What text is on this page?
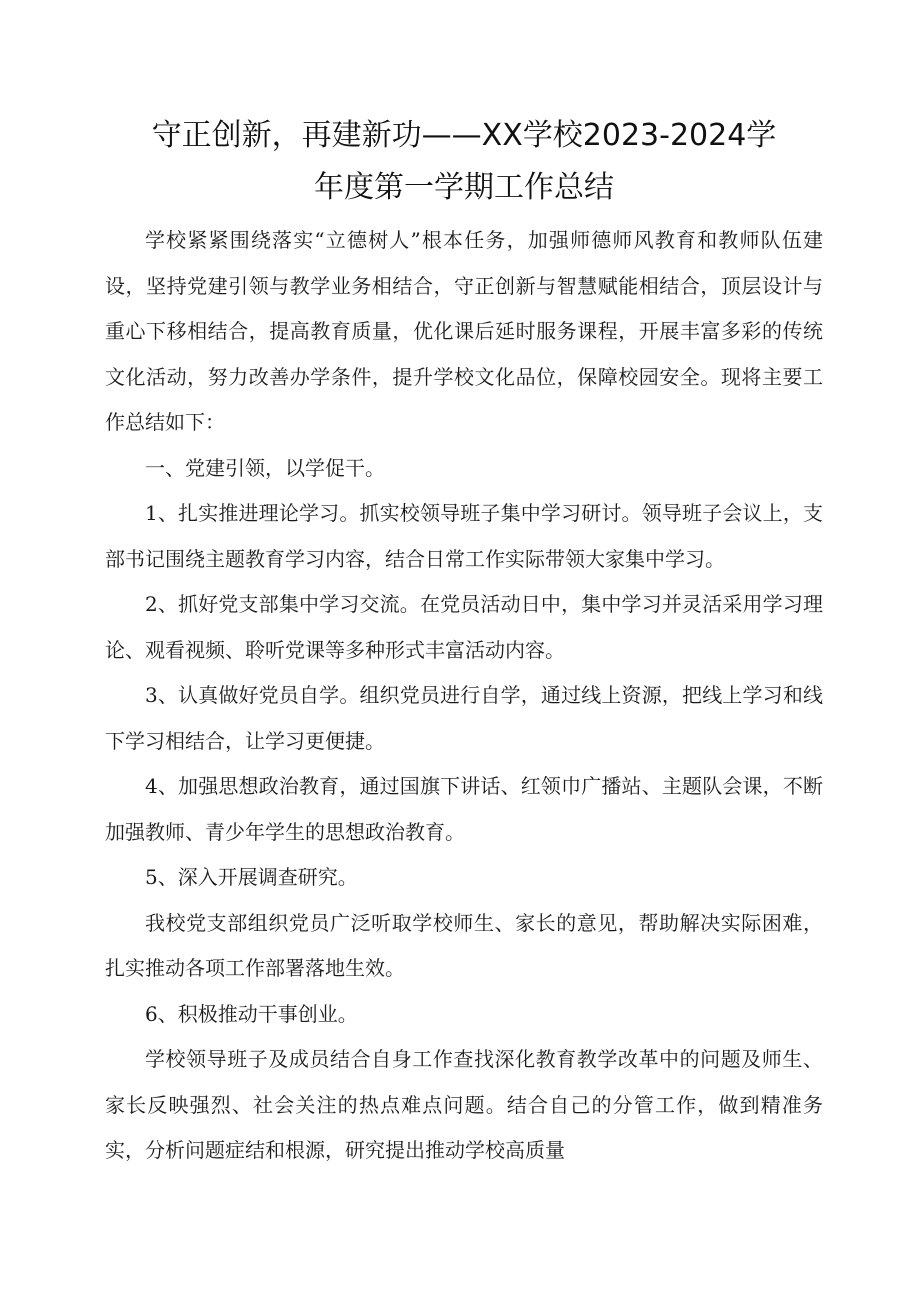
守正创新，再建新功——XX学校2023-2024学
年度第一学期工作总结

学校紧紧围绕落实“立德树人”根本任务，加强师德师风教育和教师队伍建设，坚持党建引领与教学业务相结合，守正创新与智慧赋能相结合，顶层设计与重心下移相结合，提高教育质量，优化课后延时服务课程，开展丰富多彩的传统文化活动，努力改善办学条件，提升学校文化品位，保障校园安全。现将主要工作总结如下：

一、党建引领，以学促干。

1、扎实推进理论学习。抓实校领导班子集中学习研讨。领导班子会议上，支部书记围绕主题教育学习内容，结合日常工作实际带领大家集中学习。

2、抓好党支部集中学习交流。在党员活动日中，集中学习并灵活采用学习理论、观看视频、聆听党课等多种形式丰富活动内容。

3、认真做好党员自学。组织党员进行自学，通过线上资源，把线上学习和线下学习相结合，让学习更便捷。

4、加强思想政治教育，通过国旗下讲话、红领巾广播站、主题队会课，不断加强教师、青少年学生的思想政治教育。

5、深入开展调查研究。

我校党支部组织党员广泛听取学校师生、家长的意见，帮助解决实际困难，扎实推动各项工作部署落地生效。

6、积极推动干事创业。

学校领导班子及成员结合自身工作查找深化教育教学改革中的问题及师生、家长反映强烈、社会关注的热点难点问题。结合自己的分管工作，做到精准务实，分析问题症结和根源，研究提出推动学校高质量
